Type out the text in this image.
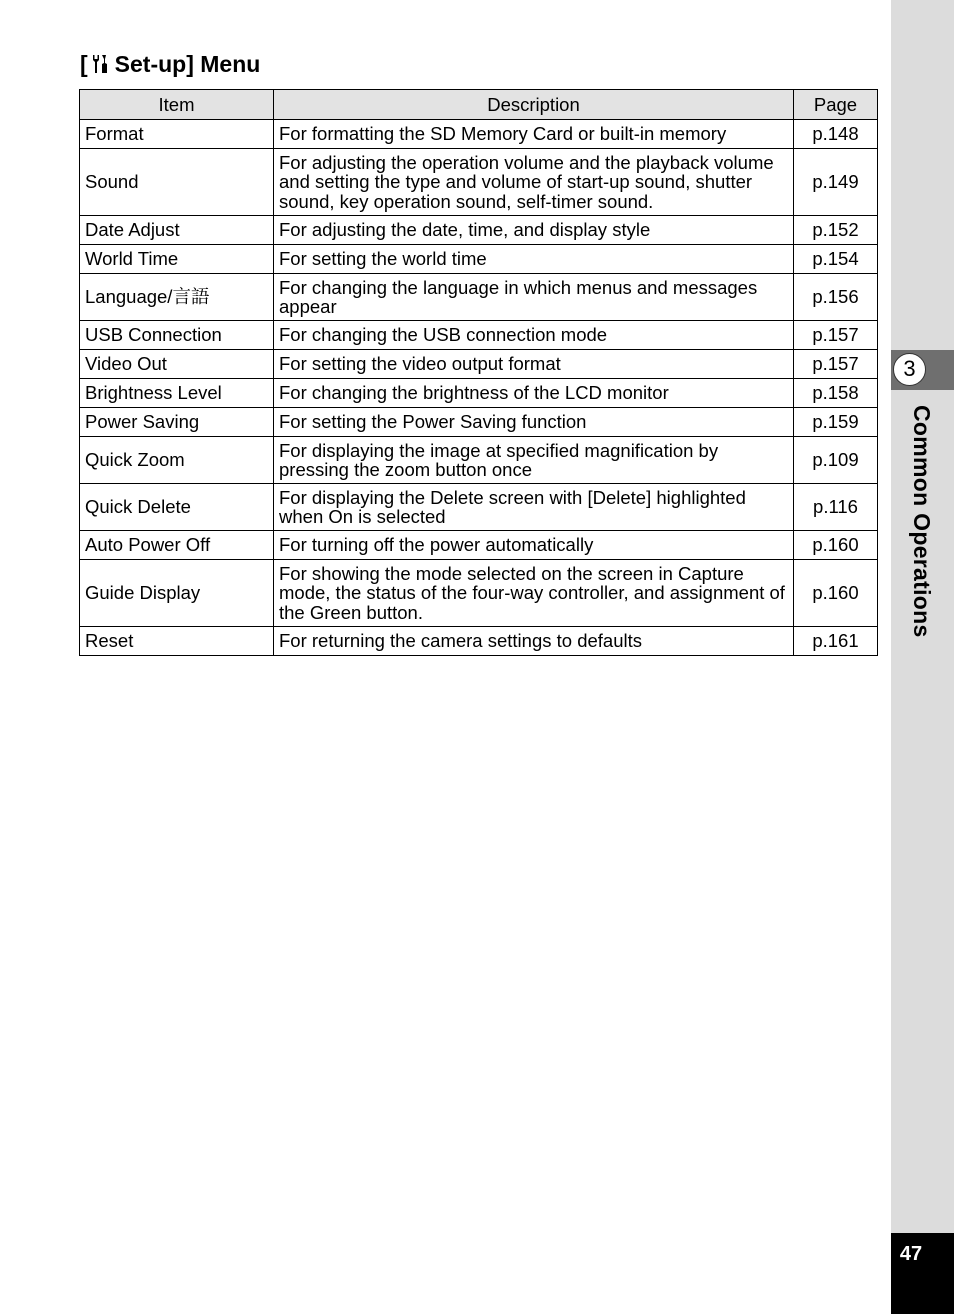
[ Set-up] Menu
Item	Description	Page
Format	For formatting the SD Memory Card or built-in memory	p.148
Sound	For adjusting the operation volume and the playback volume and setting the type and volume of start-up sound, shutter sound, key operation sound, self-timer sound.	p.149
Date Adjust	For adjusting the date, time, and display style	p.152
World Time	For setting the world time	p.154
Language/言語	For changing the language in which menus and messages appear	p.156
USB Connection	For changing the USB connection mode	p.157
Video Out	For setting the video output format	p.157
Brightness Level	For changing the brightness of the LCD monitor	p.158
Power Saving	For setting the Power Saving function	p.159
Quick Zoom	For displaying the image at specified magnification by pressing the zoom button once	p.109
Quick Delete	For displaying the Delete screen with [Delete] highlighted when On is selected	p.116
Auto Power Off	For turning off the power automatically	p.160
Guide Display	For showing the mode selected on the screen in Capture mode, the status of the four-way controller, and assignment of the Green button.	p.160
Reset	For returning the camera settings to defaults	p.161
3
Common Operations
47
